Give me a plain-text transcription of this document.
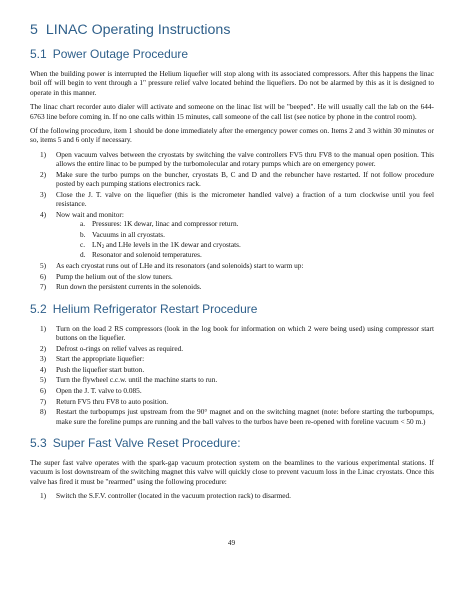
5 LINAC Operating Instructions
5.1 Power Outage Procedure

When the building power is interrupted the Helium liquefier will stop along with its associated compressors. After this happens the linac boil off will begin to vent through a 1" pressure relief valve located behind the liquefiers. Do not be alarmed by this as it is designed to operate in this manner.

The linac chart recorder auto dialer will activate and someone on the linac list will be "beeped". He will usually call the lab on the 644-6763 line before coming in. If no one calls within 15 minutes, call someone of the call list (see notice by phone in the control room).

Of the following procedure, item 1 should be done immediately after the emergency power comes on. Items 2 and 3 within 30 minutes or so, items 5 and 6 only if necessary.

1) Open vacuum valves between the cryostats by switching the valve controllers FV5 thru FV8 to the manual open position. This allows the entire linac to be pumped by the turbomolecular and rotary pumps which are on emergency power.
2) Make sure the turbo pumps on the buncher, cryostats B, C and D and the rebuncher have restarted. If not follow procedure posted by each pumping stations electronics rack.
3) Close the J. T. valve on the liquefier (this is the micrometer handled valve) a fraction of a turn clockwise until you feel resistance.
4) Now wait and monitor:
a. Pressures: 1K dewar, linac and compressor return.
b. Vacuums in all cryostats.
c. $LN_2$ and LHe levels in the 1K dewar and cryostats.
d. Resonator and solenoid temperatures.
5) As each cryostat runs out of LHe and its resonators (and solenoids) start to warm up:
6) Pump the helium out of the slow tuners.
7) Run down the persistent currents in the solenoids.
5.2 Helium Refrigerator Restart Procedure
1) Turn on the load 2 RS compressors (look in the log book for information on which 2 were being used) using compressor start buttons on the liquefier.
2) Defrost o-rings on relief valves as required.
3) Start the appropriate liquefier:
4) Push the liquefier start button.
5) Turn the flywheel c.c.w. until the machine starts to run.
6) Open the J. T. valve to 0.085.
7) Return FV5 thru FV8 to auto position.
8) Restart the turbopumps just upstream from the 90° magnet and on the switching magnet (note: before starting the turbopumps, make sure the foreline pumps are running and the ball valves to the turbos have been re-opened with foreline vacuum < 50 m.)
5.3 Super Fast Valve Reset Procedure:

The super fast valve operates with the spark-gap vacuum protection system on the beamlines to the various experimental stations. If vacuum is lost downstream of the switching magnet this valve will quickly close to prevent vacuum loss in the Linac cryostats. Once this valve has fired it must be "rearmed" using the following procedure:

1) Switch the S.F.V. controller (located in the vacuum protection rack) to disarmed.
49
